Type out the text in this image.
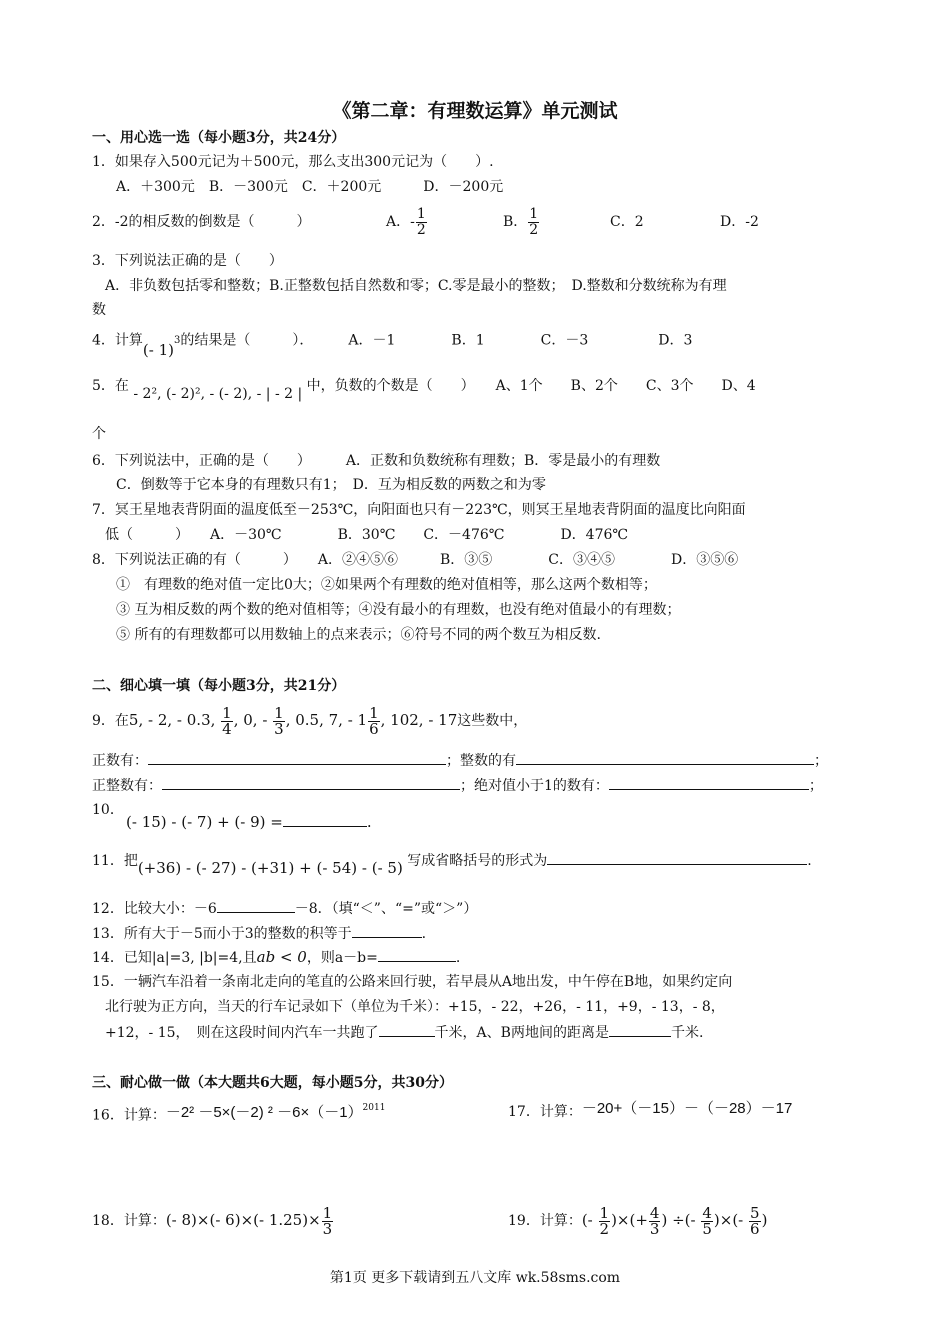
《第二章：有理数运算》单元测试
一、用心选一选（每小题3分，共24分）
1．如果存入500元记为＋500元，那么支出300元记为（　　）.
A．＋300元　B．－300元　C．＋200元　　　D．－200元
2．-2的相反数的倒数是（　　　）	A．- $\frac{1}{2}$	B． $\frac{1}{2}$	C．2	D．-2
3．下列说法正确的是（　　）
A．非负数包括零和整数；B.正整数包括自然数和零；C.零是最小的整数；　D.整数和分数统称为有理
数
4．计算(- 1)$^3$的结果是（　　　）．　　　A．－1　　　　B．1　　　　C．－3　　　　　D．3
5．在 - 2², (- 2)², - (- 2), - | - 2 | 中，负数的个数是（　　）　　A、1个　　B、2个　　C、3个　　D、4
个
6．下列说法中，正确的是（　　）　　　A．正数和负数统称有理数；B．零是最小的有理数
C．倒数等于它本身的有理数只有1；　D．互为相反数的两数之和为零
7．冥王星地表背阴面的温度低至－253℃，向阳面也只有－223℃，则冥王星地表背阴面的温度比向阳面
低（　　　）　　A．－30℃　　　　B．30℃　　C．－476℃　　　　D．476℃
8．下列说法正确的有（　　　）　　A．②④⑤⑥　　　B．③⑤　　　　C．③④⑤　　　　D．③⑤⑥
①　有理数的绝对值一定比0大；②如果两个有理数的绝对值相等，那么这两个数相等；
③ 互为相反数的两个数的绝对值相等；④没有最小的有理数，也没有绝对值最小的有理数；
⑤ 所有的有理数都可以用数轴上的点来表示；⑥符号不同的两个数互为相反数.
二、细心填一填（每小题3分，共21分）
9．在5, - 2, - 0.3, $\frac{1}{4}$ , 0, - $\frac{1}{3}$ , 0.5, 7, - $1 \frac{1}{6}$ , 102, - 17这些数中，
正数有：	；整数的有	；
正整数有：	；绝对值小于1的数有：	；
10．
(- 15) - (- 7) + (- 9) =	.
11．把(+36) - (- 27) - (+31) + (- 54) - (- 5) 写成省略括号的形式为	.
12．比较大小：－6	－8．（填“＜”、“=”或“＞”）
13．所有大于－5而小于3的整数的积等于	.
14．已知|a|=3, |b|=4,且ab < 0，则a－b=	.
15．一辆汽车沿着一条南北走向的笔直的公路来回行驶，若早晨从A地出发，中午停在B地，如果约定向
北行驶为正方向，当天的行车记录如下（单位为千米）：+15，- 22，+26，- 11，+9，- 13，- 8，
+12，- 15，　则在这段时间内汽车一共跑了	千米，A、B两地间的距离是	千米.
三、耐心做一做（本大题共6大题，每小题5分，共30分）
16．计算：－2² －5×(－2) $^2 -6\times(-1)^{2011}$	17．计算：－20+（－15）－（－28）－17
18．计算：(- 8)×(- 6)×(- $1.25)\times \frac{1}{3}$	19．计算：(- $\frac{1}{2}$ )×(+ $\frac{4}{3}$ ) ÷(- $\frac{4}{5}$ )×(- $\frac{5}{6}$ )
第1页 更多下载请到五八文库 wk.58sms.com
